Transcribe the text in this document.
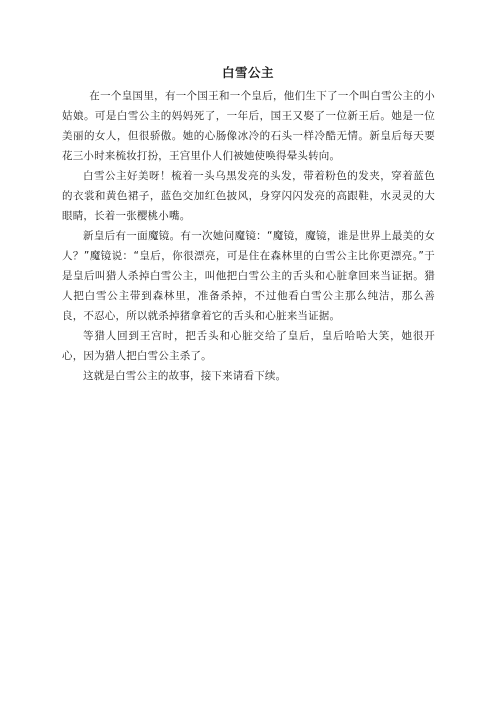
白雪公主

在一个皇国里，有一个国王和一个皇后，他们生下了一个叫白雪公主的小姑娘。可是白雪公主的妈妈死了，一年后，国王又娶了一位新王后。她是一位美丽的女人，但很骄傲。她的心肠像冰冷的石头一样冷酷无情。新皇后每天要花三小时来梳妆打扮，王宫里仆人们被她使唤得晕头转向。

白雪公主好美呀！梳着一头乌黑发亮的头发，带着粉色的发夹，穿着蓝色的衣裳和黄色裙子，蓝色交加红色披风，身穿闪闪发亮的高跟鞋，水灵灵的大眼睛，长着一张樱桃小嘴。

新皇后有一面魔镜。有一次她问魔镜：“魔镜，魔镜，谁是世界上最美的女人？”魔镜说：“皇后，你很漂亮，可是住在森林里的白雪公主比你更漂亮。”于是皇后叫猎人杀掉白雪公主，叫他把白雪公主的舌头和心脏拿回来当证据。猎人把白雪公主带到森林里，准备杀掉，不过他看白雪公主那么纯洁，那么善良，不忍心，所以就杀掉猪拿着它的舌头和心脏来当证据。

等猎人回到王宫时，把舌头和心脏交给了皇后，皇后哈哈大笑，她很开心，因为猎人把白雪公主杀了。

这就是白雪公主的故事，接下来请看下续。
